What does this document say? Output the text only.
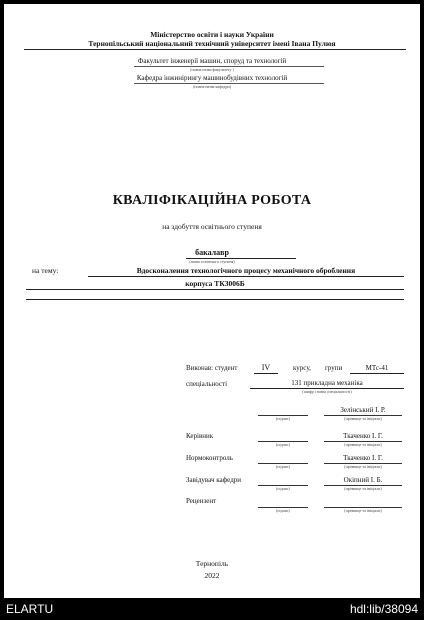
Міністерство освіти і науки України
Тернопільський національний технічний університет імені Івана Пулюя
Факультет інженерії машин, споруд та технологій
(повна назва факультету )
Кафедра інжинірингу машинобудівних технологій
(повна назва кафедри)
КВАЛІФІКАЦІЙНА РОБОТА
на здобуття освітнього ступеня
бакалавр
(назва освітнього ступеня)
на тему:	Вдосконалення технологічного процесу механічного оброблення
корпуса ТК3006Б
Виконав: студент	IV	курсу, групи	МТс-41
спеціальності	131 прикладна механіка
(шифр і назва спеціальності)
Зелінський І. Р.
(підпис)	(прізвище та ініціали)
Керівник	Ткаченко І. Г.
(підпис)	(прізвище та ініціали)
Нормоконтроль	Ткаченко І. Г.
(підпис)	(прізвище та ініціали)
Завідувач кафедри	Окіпний І. Б.
(підпис)	(прізвище та ініціали)
Рецензент
(підпис)	(прізвище та ініціали)
Тернопіль
2022
ELARTU	hdl:lib/38094
